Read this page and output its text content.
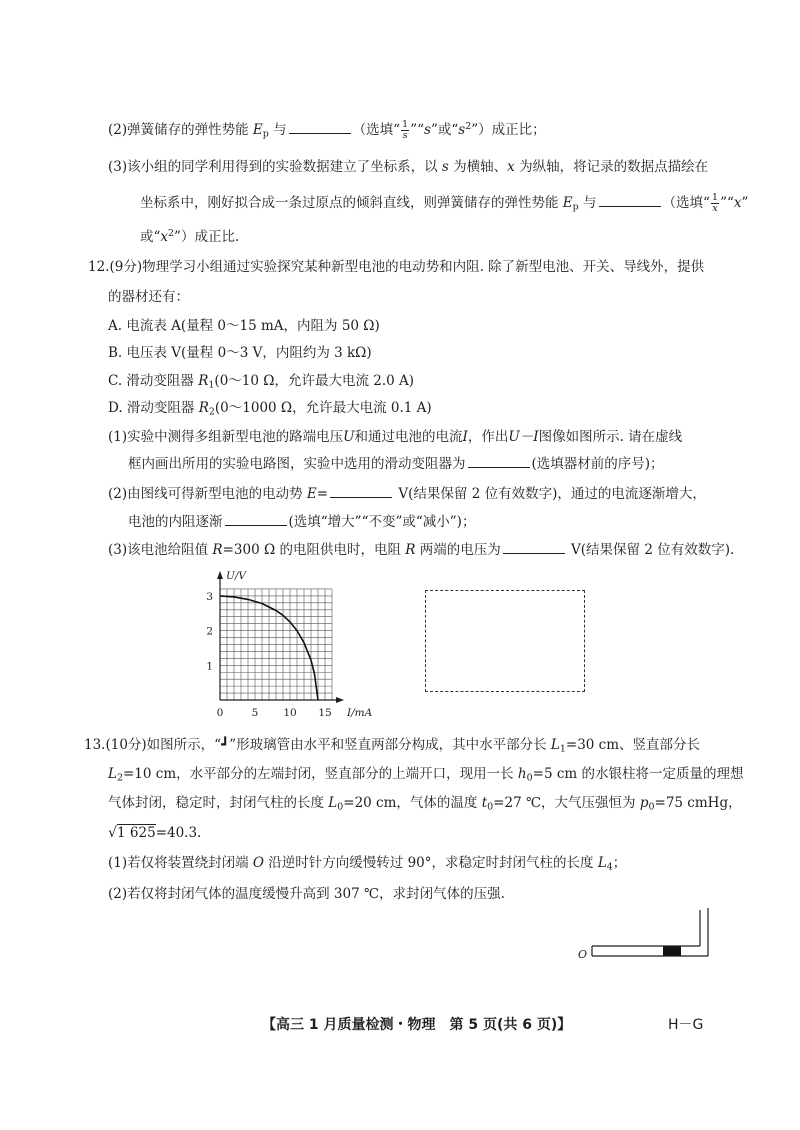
(2)弹簧储存的弹性势能 $E_p$ 与	（选填“ $\frac{1}{s}$ ”“s”或“$s^2$”）成正比；
(3)该小组的同学利用得到的实验数据建立了坐标系，以 s 为横轴、x 为纵轴，将记录的数据点描绘在
坐标系中，刚好拟合成一条过原点的倾斜直线，则弹簧储存的弹性势能 $E_p$ 与	（选填“ $\frac{1}{x}$ ”“x”
或“$x^2$”）成正比.
12.(9分)物理学习小组通过实验探究某种新型电池的电动势和内阻. 除了新型电池、开关、导线外，提供
的器材还有：
A. 电流表 A(量程 0～15 mA，内阻为 50 Ω)
B. 电压表 V(量程 0～3 V，内阻约为 3 kΩ)
C. 滑动变阻器 $R_1(0\sim 10$ Ω，允许最大电流 2.0 A)
D. 滑动变阻器 $R_2(0\sim 1000$ Ω，允许最大电流 0.1 A)
(1)实验中测得多组新型电池的路端电压U和通过电池的电流I，作出U－I图像如图所示. 请在虚线
框内画出所用的实验电路图，实验中选用的滑动变阻器为	(选填器材前的序号)；
(2)由图线可得新型电池的电动势 E=	V(结果保留 2 位有效数字)，通过的电流逐渐增大，
电池的内阻逐渐	(选填“增大”“不变”或“减小”)；
(3)该电池给阻值 R=300 Ω 的电阻供电时，电阻 R 两端的电压为	V(结果保留 2 位有效数字).
1
2
3
0	5 10 15
U/V
I/mA
13.(10分)如图所示，“┛”形玻璃管由水平和竖直两部分构成，其中水平部分长 $L_1=30$ cm、竖直部分长
$L_2=10$ cm，水平部分的左端封闭，竖直部分的上端开口，现用一长 $h_0=5$ cm 的水银柱将一定质量的理想
气体封闭，稳定时，封闭气柱的长度 $L_0=20$ cm，气体的温度 $t_0=27$ ℃，大气压强恒为 $p_0=75$ cmHg，
√1 625=40.3.
(1)若仅将装置绕封闭端 O 沿逆时针方向缓慢转过 90°，求稳定时封闭气柱的长度 $L_4$；
(2)若仅将封闭气体的温度缓慢升高到 307 ℃，求封闭气体的压强.
O
【高三 1 月质量检测・物理　第 5 页(共 6 页)】	H－G
